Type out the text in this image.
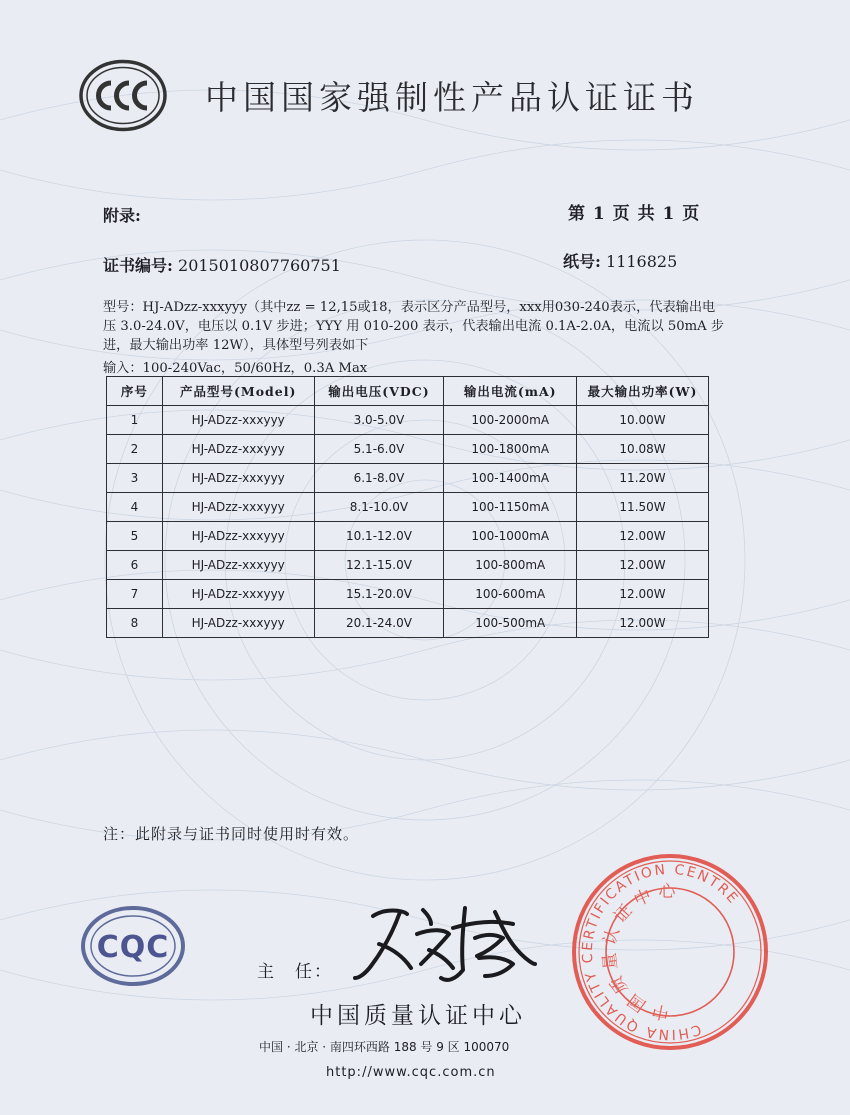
中国国家强制性产品认证证书
附录:	第 1 页 共 1 页
证书编号: 2015010807760751	纸号: 1116825
型号：HJ-ADzz-xxxyyy（其中zz = 12,15或18，表示区分产品型号，xxx用030-240表示，代表输出电
压 3.0-24.0V，电压以 0.1V 步进；YYY 用 010-200 表示，代表输出电流 0.1A-2.0A，电流以 50mA 步
进，最大输出功率 12W），具体型号列表如下
输入：100-240Vac，50/60Hz，0.3A Max
序号	产品型号(Model)	输出电压(VDC)	输出电流(mA)	最大输出功率(W)
1	HJ-ADzz-xxxyyy	3.0-5.0V	100-2000mA	10.00W
2	HJ-ADzz-xxxyyy	5.1-6.0V	100-1800mA	10.08W
3	HJ-ADzz-xxxyyy	6.1-8.0V	100-1400mA	11.20W
4	HJ-ADzz-xxxyyy	8.1-10.0V	100-1150mA	11.50W
5	HJ-ADzz-xxxyyy	10.1-12.0V	100-1000mA	12.00W
6	HJ-ADzz-xxxyyy	12.1-15.0V	100-800mA	12.00W
7	HJ-ADzz-xxxyyy	15.1-20.0V	100-600mA	12.00W
8	HJ-ADzz-xxxyyy	20.1-24.0V	100-500mA	12.00W
注：此附录与证书同时使用时有效。
CQC
主　任：
中国质量认证中心
中国 · 北京 · 南四环西路 188 号 9 区 100070
http://www.cqc.com.cn
CHINA QUALITY CERTIFICATION CENTRE
中国质量认证中心
